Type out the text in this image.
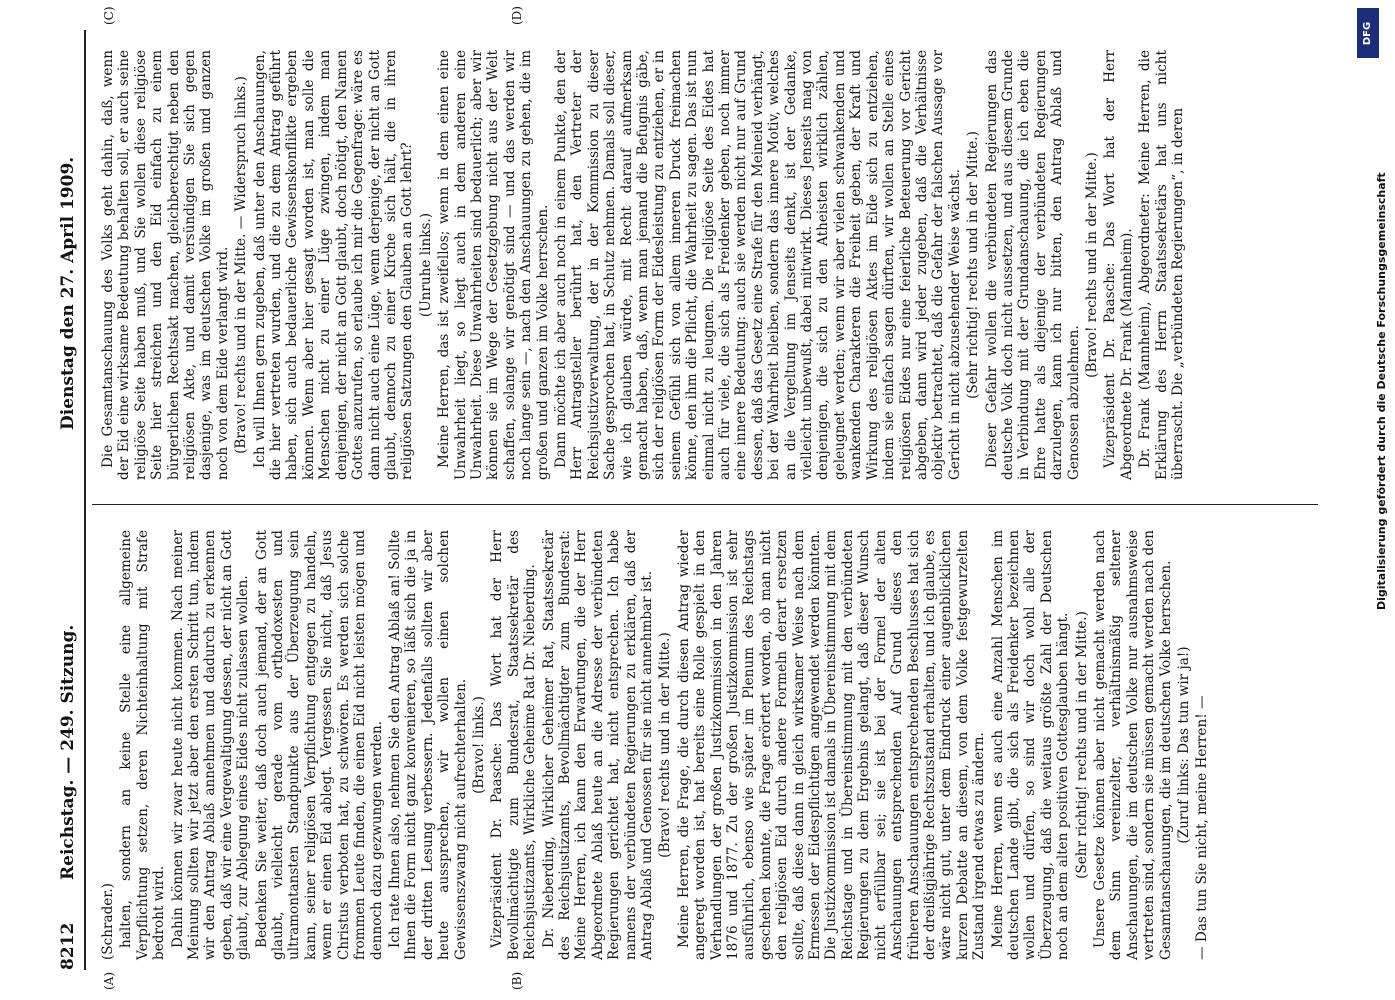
8212
Reichstag. — 249. Sitzung.
Dienstag den 27. April 1909.
(A)	(B)
(C)	(D)

(Schrader.) halten, sondern an keine Stelle eine allgemeine Verpflichtung setzen, deren Nichteinhaltung mit Strafe bedroht wird. Dahin können wir zwar heute nicht kommen. Nach meiner Meinung sollten wir jetzt aber den ersten Schritt tun, indem wir den Antrag Ablaß annehmen und dadurch zu erkennen geben, daß wir eine Vergewaltigung dessen, der nicht an Gott glaubt, zur Ablegung eines Eides nicht zulassen wollen. Bedenken Sie weiter, daß doch auch jemand, der an Gott glaubt, vielleicht gerade vom orthodoxesten und ultramontansten Standpunkte aus der Überzeugung sein kann, seiner religiösen Verpflichtung entgegen zu handeln, wenn er einen Eid ablegt. Vergessen Sie nicht, daß Jesus Christus verboten hat, zu schwören. Es werden sich solche frommen Leute finden, die einen Eid nicht leisten mögen und dennoch dazu gezwungen werden. Ich rate Ihnen also, nehmen Sie den Antrag Ablaß an! Sollte Ihnen die Form nicht ganz konvenieren, so läßt sich die ja in der dritten Lesung verbessern. Jedenfalls sollten wir aber heute aussprechen, wir wollen einen solchen Gewissenszwang nicht aufrechterhalten. (Bravo! links.) Vizepräsident Dr. Paasche: Das Wort hat der Herr Bevollmächtigte zum Bundesrat, Staatssekretär des Reichsjustizamts, Wirkliche Geheime Rat Dr. Nieberding. Dr. Nieberding, Wirklicher Geheimer Rat, Staatssekretär des Reichsjustizamts, Bevollmächtigter zum Bundesrat: Meine Herren, ich kann den Erwartungen, die der Herr Abgeordnete Ablaß heute an die Adresse der verbündeten Regierungen gerichtet hat, nicht entsprechen. Ich habe namens der verbündeten Regierungen zu erklären, daß der Antrag Ablaß und Genossen für sie nicht annehmbar ist. (Bravo! rechts und in der Mitte.) Meine Herren, die Frage, die durch diesen Antrag wieder angeregt worden ist, hat bereits eine Rolle gespielt in den Verhandlungen der großen Justizkommission in den Jahren 1876 und 1877. Zu der großen Justizkommission ist sehr ausführlich, ebenso wie später im Plenum des Reichstags geschehen konnte, die Frage erörtert worden, ob man nicht den religiösen Eid durch andere Formeln derart ersetzen sollte, daß diese dann in gleich wirksamer Weise nach dem Ermessen der Eidespflichtigen angewendet werden könnten. Die Justizkommission ist damals in Übereinstimmung mit dem Reichstage und in Übereinstimmung mit den verbündeten Regierungen zu dem Ergebnis gelangt, daß dieser Wunsch nicht erfüllbar sei; sie ist bei der Formel der alten Anschauungen entsprechenden Auf Grund dieses den früheren Anschauungen entsprechenden Beschlusses hat sich der dreißigjährige Rechtszustand erhalten, und ich glaube, es wäre nicht gut, unter dem Eindruck einer augenblicklichen kurzen Debatte an diesem, von dem Volke festgewurzelten Zustand irgend etwas zu ändern. Meine Herren, wenn es auch eine Anzahl Menschen im deutschen Lande gibt, die sich als Freidenker bezeichnen wollen und dürfen, so sind wir doch wohl alle der Überzeugung, daß die weitaus größte Zahl der Deutschen noch an dem alten positiven Gottesglauben hängt. (Sehr richtig! rechts und in der Mitte.) Unsere Gesetze können aber nicht gemacht werden nach dem Sinn vereinzelter, verhältnismäßig seltener Anschauungen, die im deutschen Volke nur ausnahmsweise vertreten sind, sondern sie müssen gemacht werden nach den Gesamtanschauungen, die im deutschen Volke herrschen. (Zuruf links: Das tun wir ja!) — Das tun Sie nicht, meine Herren! —

Die Gesamtanschauung des Volks geht dahin, daß, wenn der Eid eine wirksame Bedeutung behalten soll, er auch seine religiöse Seite haben muß, und Sie wollen diese religiöse Seite hier streichen und den Eid einfach zu einem bürgerlichen Rechtsakt machen, gleichberechtigt neben den religiösen Akte, und damit versündigen Sie sich gegen dasjenige, was im deutschen Volke im großen und ganzen noch von dem Eide verlangt wird. (Bravo! rechts und in der Mitte. — Widerspruch links.) Ich will Ihnen gern zugeben, daß unter den Anschauungen, die hier vertreten wurden, und die zu dem Antrag geführt haben, sich auch bedauerliche Gewissenskonflikte ergeben können. Wenn aber hier gesagt worden ist, man solle die Menschen nicht zu einer Lüge zwingen, indem man denjenigen, der nicht an Gott glaubt, doch nötigt, den Namen Gottes anzurufen, so erlaube ich mir die Gegenfrage: wäre es dann nicht auch eine Lüge, wenn derjenige, der nicht an Gott glaubt, dennoch zu einer Kirche sich hält, die in ihren religiösen Satzungen den Glauben an Gott lehrt? (Unruhe links.) Meine Herren, das ist zweifellos; wenn in dem einen eine Unwahrheit liegt, so liegt auch in dem anderen eine Unwahrheit. Diese Unwahrheiten sind bedauerlich; aber wir können sie im Wege der Gesetzgebung nicht aus der Welt schaffen, solange wir genötigt sind — und das werden wir noch lange sein —, nach den Anschauungen zu gehen, die im großen und ganzen im Volke herrschen. Dann möchte ich aber auch noch in einem Punkte, den der Herr Antragsteller berührt hat, den Vertreter der Reichsjustizverwaltung, der in der Kommission zu dieser Sache gesprochen hat, in Schutz nehmen. Damals soll dieser, wie ich glauben würde, mit Recht darauf aufmerksam gemacht haben, daß, wenn man jemand die Befugnis gäbe, sich der religiösen Form der Eidesleistung zu entziehen, er in seinem Gefühl sich von allem inneren Druck freimachen könne, den ihm die Pflicht, die Wahrheit zu sagen. Das ist nun einmal nicht zu leugnen. Die religiöse Seite des Eides hat auch für viele, die sich als Freidenker geben, noch immer eine innere Bedeutung: auch sie werden nicht nur auf Grund dessen, daß das Gesetz eine Strafe für den Meineid verhängt, bei der Wahrheit bleiben, sondern das innere Motiv, welches an die Vergeltung im Jenseits denkt, ist der Gedanke, vielleicht unbewußt, dabei mitwirkt. Dieses Jenseits mag von denjenigen, die sich zu den Atheisten wirklich zählen, geleugnet werden; wenn wir aber vielen schwankenden und wankenden Charakteren die Freiheit geben, der Kraft und Wirkung des religiösen Aktes im Eide sich zu entziehen, indem sie einfach sagen dürften, wir wollen an Stelle eines religiösen Eides nur eine feierliche Beteuerung vor Gericht abgeben, dann wird jeder zugeben, daß die Verhältnisse objektiv betrachtet, daß die Gefahr der falschen Aussage vor Gericht in nicht abzusehender Weise wächst. (Sehr richtig! rechts und in der Mitte.) Dieser Gefahr wollen die verbündeten Regierungen das deutsche Volk doch nicht aussetzen, und aus diesem Grunde in Verbindung mit der Grundanschauung, die ich eben die Ehre hatte als diejenige der verbündeten Regierungen darzulegen, kann ich nur bitten, den Antrag Ablaß und Genossen abzulehnen.

(Bravo! rechts und in der Mitte.) Vizepräsident Dr. Paasche: Das Wort hat der Herr Abgeordnete Dr. Frank (Mannheim). Dr. Frank (Mannheim), Abgeordneter: Meine Herren, die Erklärung des Herrn Staatssekretärs hat uns nicht überrascht. Die „verbündeten Regierungen“, in deren

DFG
Digitalisierung gefördert durch die Deutsche Forschungsgemeinschaft
